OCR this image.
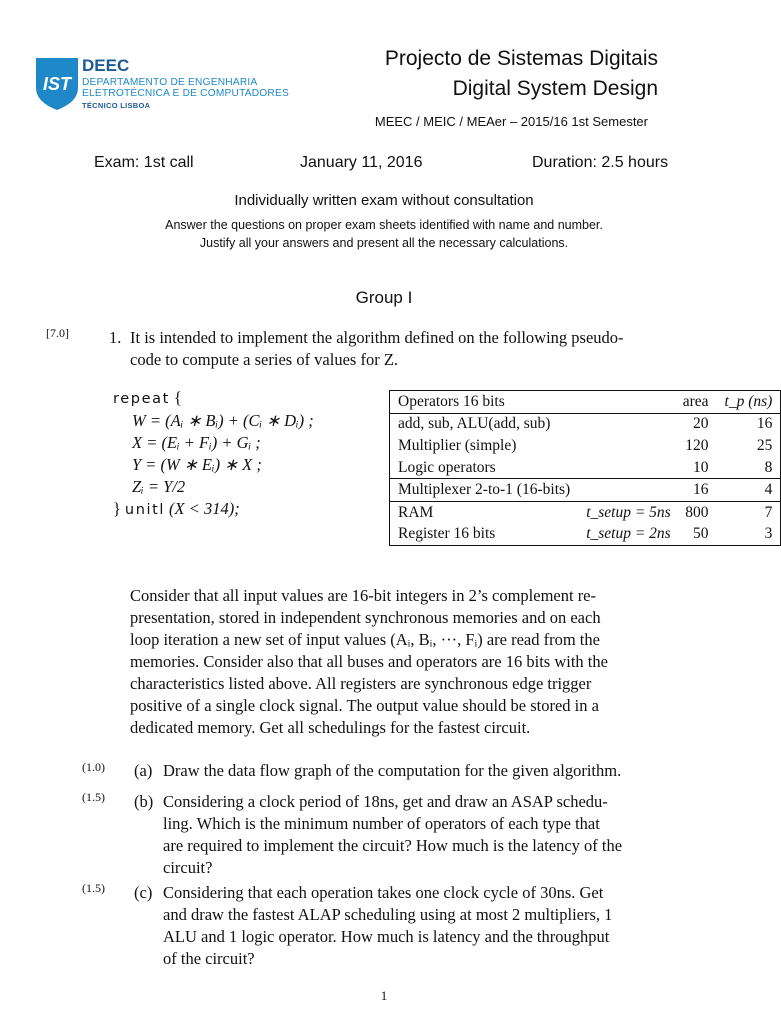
IST
DEEC
DEPARTAMENTO DE ENGENHARIA
ELETROTÉCNICA E DE COMPUTADORES
TÉCNICO LISBOA
Projecto de Sistemas Digitais
Digital System Design
MEEC / MEIC / MEAer – 2015/16 1st Semester
Exam: 1st call	January 11, 2016	Duration: 2.5 hours
Individually written exam without consultation
Answer the questions on proper exam sheets identified with name and number.
Justify all your answers and present all the necessary calculations.
Group I
[7.0] 1. It is intended to implement the algorithm defined on the following pseudo-
code to compute a series of values for Z.
repeat {
W = (Aᵢ ∗ Bᵢ) + (Cᵢ ∗ Dᵢ) ;
X = (Eᵢ + Fᵢ) + Gᵢ ;
Y = (W ∗ Eᵢ) ∗ X ;
Zᵢ = Y/2
} unitl (X < 314);
Operators 16 bits		area	t_p (ns)
add, sub, ALU(add, sub)		20	16
Multiplier (simple)		120	25
Logic operators		10	8
Multiplexer 2-to-1 (16-bits)		16	4
RAM	t_setup = 5ns	800	7
Register 16 bits	t_setup = 2ns	50	3
Consider that all input values are 16-bit integers in 2’s complement re-
presentation, stored in independent synchronous memories and on each
loop iteration a new set of input values (Aᵢ, Bᵢ, ···, Fᵢ) are read from the
memories. Consider also that all buses and operators are 16 bits with the
characteristics listed above. All registers are synchronous edge trigger
positive of a single clock signal. The output value should be stored in a
dedicated memory. Get all schedulings for the fastest circuit.
(1.0) (a) Draw the data flow graph of the computation for the given algorithm.
(1.5) (b) Considering a clock period of 18ns, get and draw an ASAP schedu-
ling. Which is the minimum number of operators of each type that
are required to implement the circuit? How much is the latency of the
circuit?
(1.5) (c) Considering that each operation takes one clock cycle of 30ns. Get
and draw the fastest ALAP scheduling using at most 2 multipliers, 1
ALU and 1 logic operator. How much is latency and the throughput
of the circuit?
1
